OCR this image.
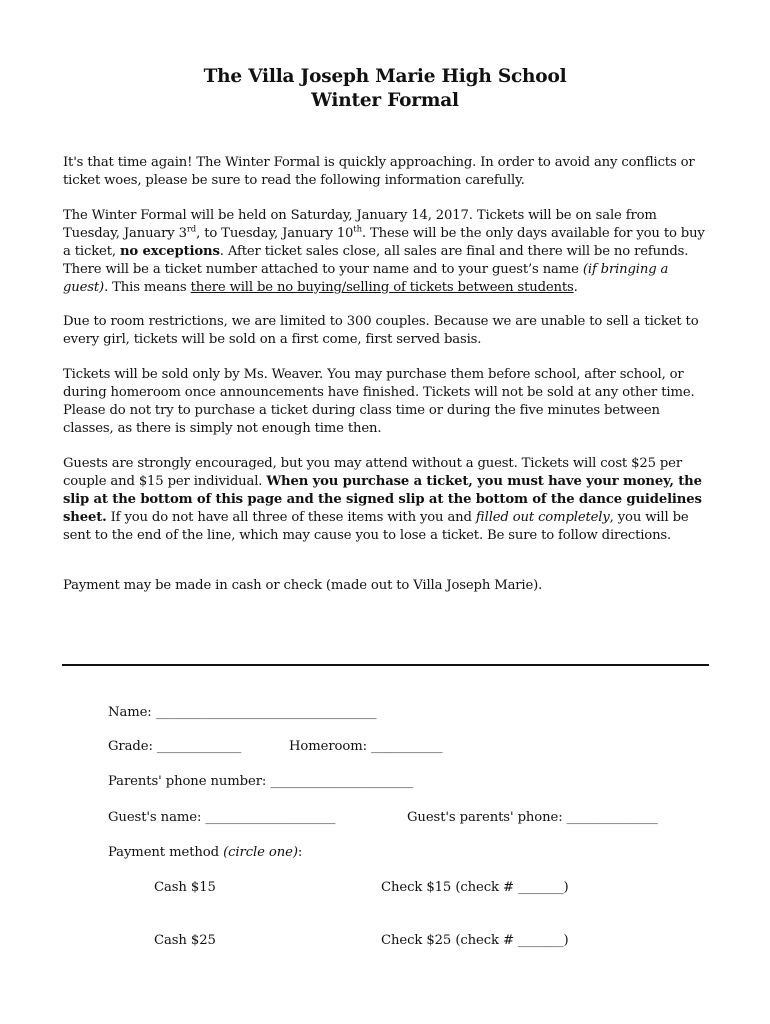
The Villa Joseph Marie High School
Winter Formal
It's that time again! The Winter Formal is quickly approaching. In order to avoid any conflicts or ticket woes, please be sure to read the following information carefully.
The Winter Formal will be held on Saturday, January 14, 2017. Tickets will be on sale from Tuesday, January 3rd, to Tuesday, January 10th. These will be the only days available for you to buy a ticket, no exceptions. After ticket sales close, all sales are final and there will be no refunds. There will be a ticket number attached to your name and to your guest’s name (if bringing a guest). This means there will be no buying/selling of tickets between students.
Due to room restrictions, we are limited to 300 couples. Because we are unable to sell a ticket to every girl, tickets will be sold on a first come, first served basis.
Tickets will be sold only by Ms. Weaver. You may purchase them before school, after school, or during homeroom once announcements have finished. Tickets will not be sold at any other time. Please do not try to purchase a ticket during class time or during the five minutes between classes, as there is simply not enough time then.
Guests are strongly encouraged, but you may attend without a guest. Tickets will cost $25 per couple and $15 per individual. When you purchase a ticket, you must have your money, the slip at the bottom of this page and the signed slip at the bottom of the dance guidelines sheet. If you do not have all three of these items with you and filled out completely, you will be sent to the end of the line, which may cause you to lose a ticket. Be sure to follow directions.
Payment may be made in cash or check (made out to Villa Joseph Marie).
Name: __________________________________
Grade: _____________	Homeroom: ___________
Parents' phone number: ______________________
Guest's name: ____________________	Guest's parents' phone: ______________
Payment method (circle one):
Cash $15	Check $15 (check # _______)
Cash $25	Check $25 (check # _______)
